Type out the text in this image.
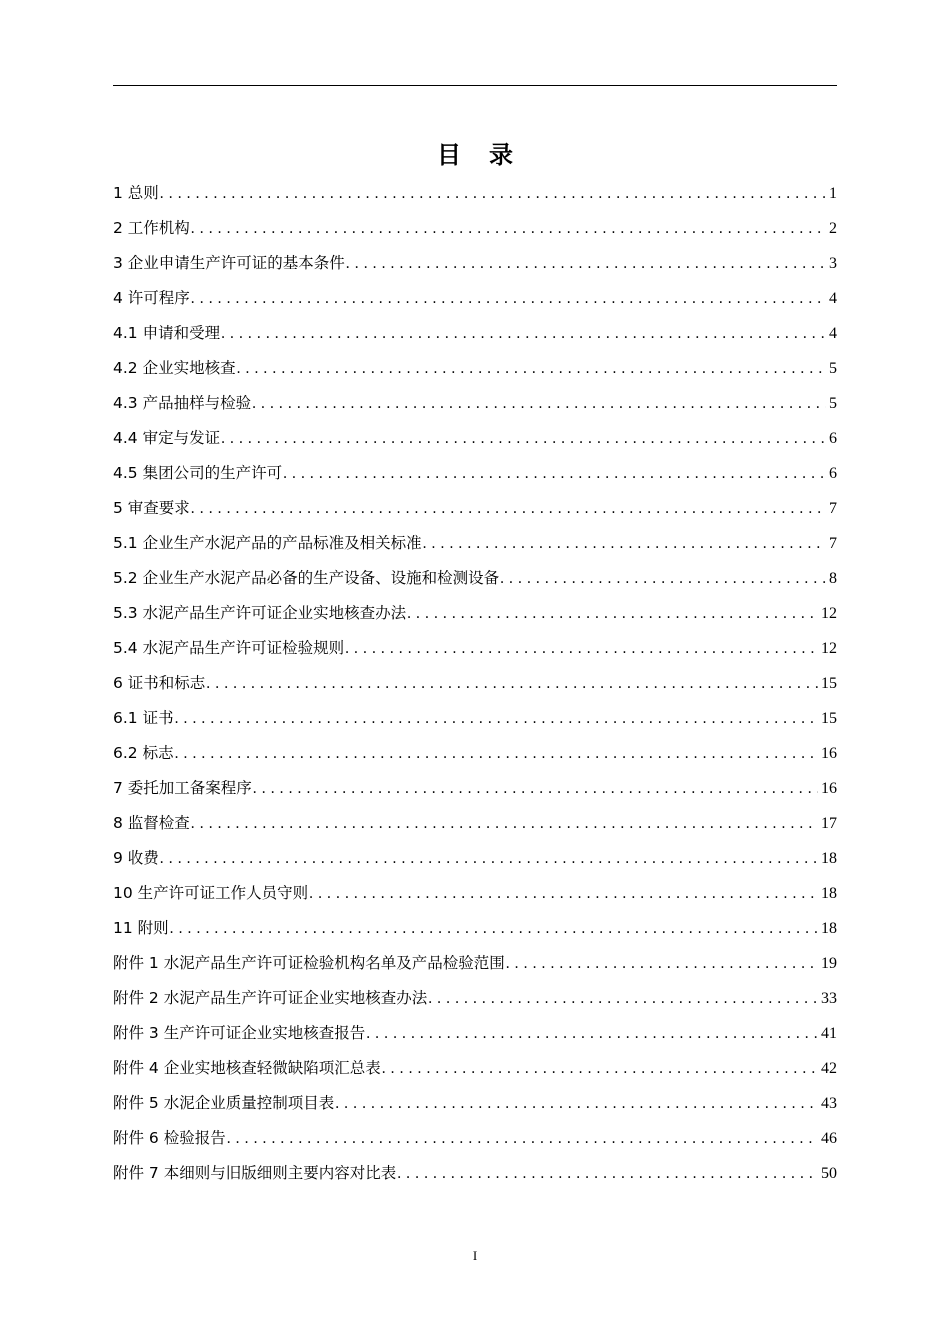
目录
1 总则 . . .	1
2 工作机构 . . .	2
3 企业申请生产许可证的基本条件 . . .	3
4 许可程序 . . .	4
4.1 申请和受理 . . .	4
4.2 企业实地核查 . . .	5
4.3 产品抽样与检验 . . .	5
4.4 审定与发证 . . .	6
4.5 集团公司的生产许可 . . .	6
5 审查要求 . . .	7
5.1 企业生产水泥产品的产品标准及相关标准 . . .	7
5.2 企业生产水泥产品必备的生产设备、设施和检测设备 . . .	8
5.3 水泥产品生产许可证企业实地核查办法 . . .	12
5.4 水泥产品生产许可证检验规则 . . .	12
6 证书和标志 . . .	15
6.1 证书 . . .	15
6.2 标志 . . .	16
7 委托加工备案程序 . . .	16
8 监督检查 . . .	17
9 收费 . . .	18
10 生产许可证工作人员守则 . . .	18
11 附则 . . .	18
附件 1 水泥产品生产许可证检验机构名单及产品检验范围 . . .	19
附件 2 水泥产品生产许可证企业实地核查办法 . . .	33
附件 3 生产许可证企业实地核查报告 . . .	41
附件 4 企业实地核查轻微缺陷项汇总表 . . .	42
附件 5 水泥企业质量控制项目表 . . .	43
附件 6 检验报告 . . .	46
附件 7 本细则与旧版细则主要内容对比表 . . .	50
I
